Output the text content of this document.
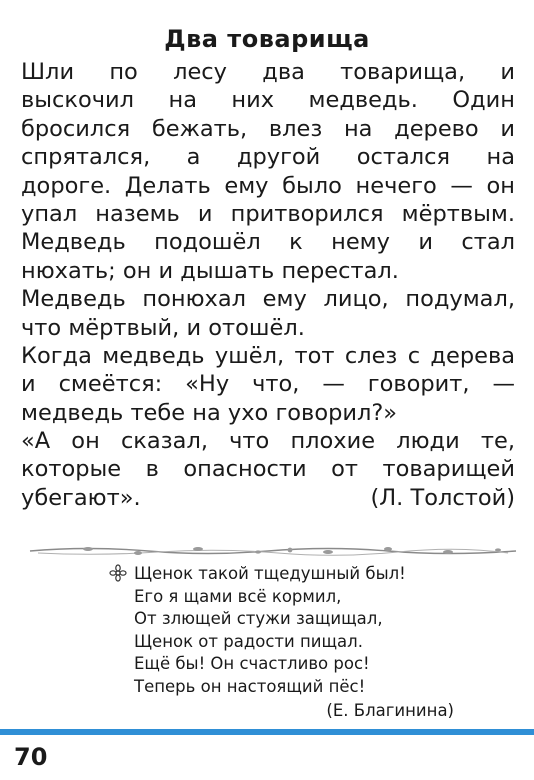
Два товарища
Шли по лесу два товарища, и
выскочил на них медведь. Один
бросился бежать, влез на дерево и
спрятался, а другой остался на
дороге. Делать ему было нечего — он
упал наземь и притворился мёртвым.
Медведь подошёл к нему и стал
нюхать; он и дышать перестал.
Медведь понюхал ему лицо, подумал,
что мёртвый, и отошёл.
Когда медведь ушёл, тот слез с дерева
и смеётся: «Ну что, — говорит, —
медведь тебе на ухо говорил?»
«А он сказал, что плохие люди те,
которые в опасности от товарищей
убегают».	(Л. Толстой)
Щенок такой тщедушный был!
Его я щами всё кормил,
От злющей стужи защищал,
Щенок от радости пищал.
Ещё бы! Он счастливо рос!
Теперь он настоящий пёс!
(Е. Благинина)
70
